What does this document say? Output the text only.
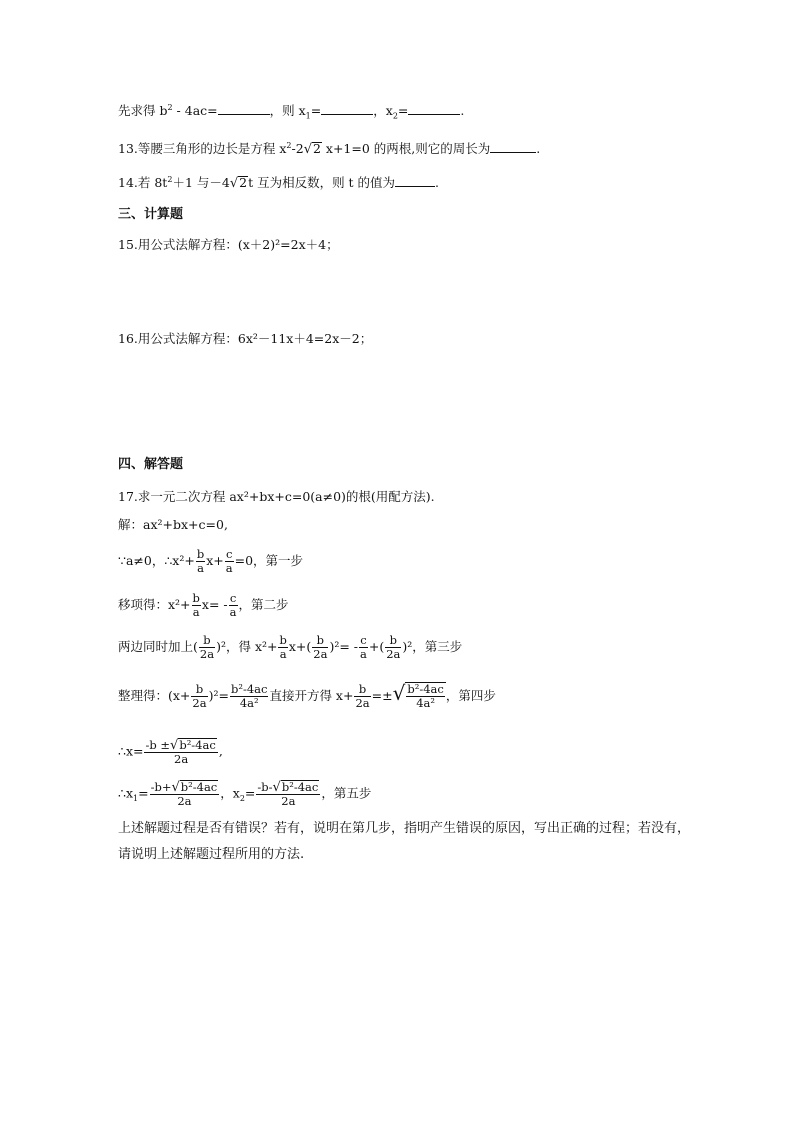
先求得 $b^2 - 4ac=$	，则 $x_1=$	，$x_2=$	.
13.等腰三角形的边长是方程 $x^2-2√2$ x+1=0 的两根,则它的周长为	.
14.若 $8t^2+1$ 与－4√2t 互为相反数，则 t 的值为	.
三、计算题
15.用公式法解方程：(x＋2)²=2x＋4；
16.用公式法解方程：6x²－11x＋4=2x－2；
四、解答题
17.求一元二次方程 ax²+bx+c=0(a≠0)的根(用配方法).
解：ax²+bx+c=0,
∵a≠0，∴x²+ $\frac{b}{a} x+ \frac{c}{a} =0$，第一步
移项得：$x^2+ \frac{b}{a} x= - \frac{c}{a}$ ，第二步
两边同时加上( $\frac{b}{2a} )^2$，得 $x^2+ \frac{b}{a} x+( \frac{b}{2a} )^2= - \frac{c}{a}$ +( $\frac{b}{2a} )^2$，第三步
整理得：$(x+ \frac{b}{2a} )^2= \frac{\text{b²-4ac}}{\text{4a²}}$ 直接开方得 $x+ \frac{b}{2a}$ =±√ $\frac{\text{b²-4ac}}{\text{4a²}}$ ，第四步
∴x= $\frac{\text{-b ±√b²-4ac}}{2a}$ ,
$\therefore x_1= \frac{\text{-b+√b²-4ac}}{2a}$ ，$x_2= \frac{\text{-b-√b²-4ac}}{2a}$ ，第五步
上述解题过程是否有错误？若有，说明在第几步，指明产生错误的原因，写出正确的过程；若没有，请说明上述解题过程所用的方法.
